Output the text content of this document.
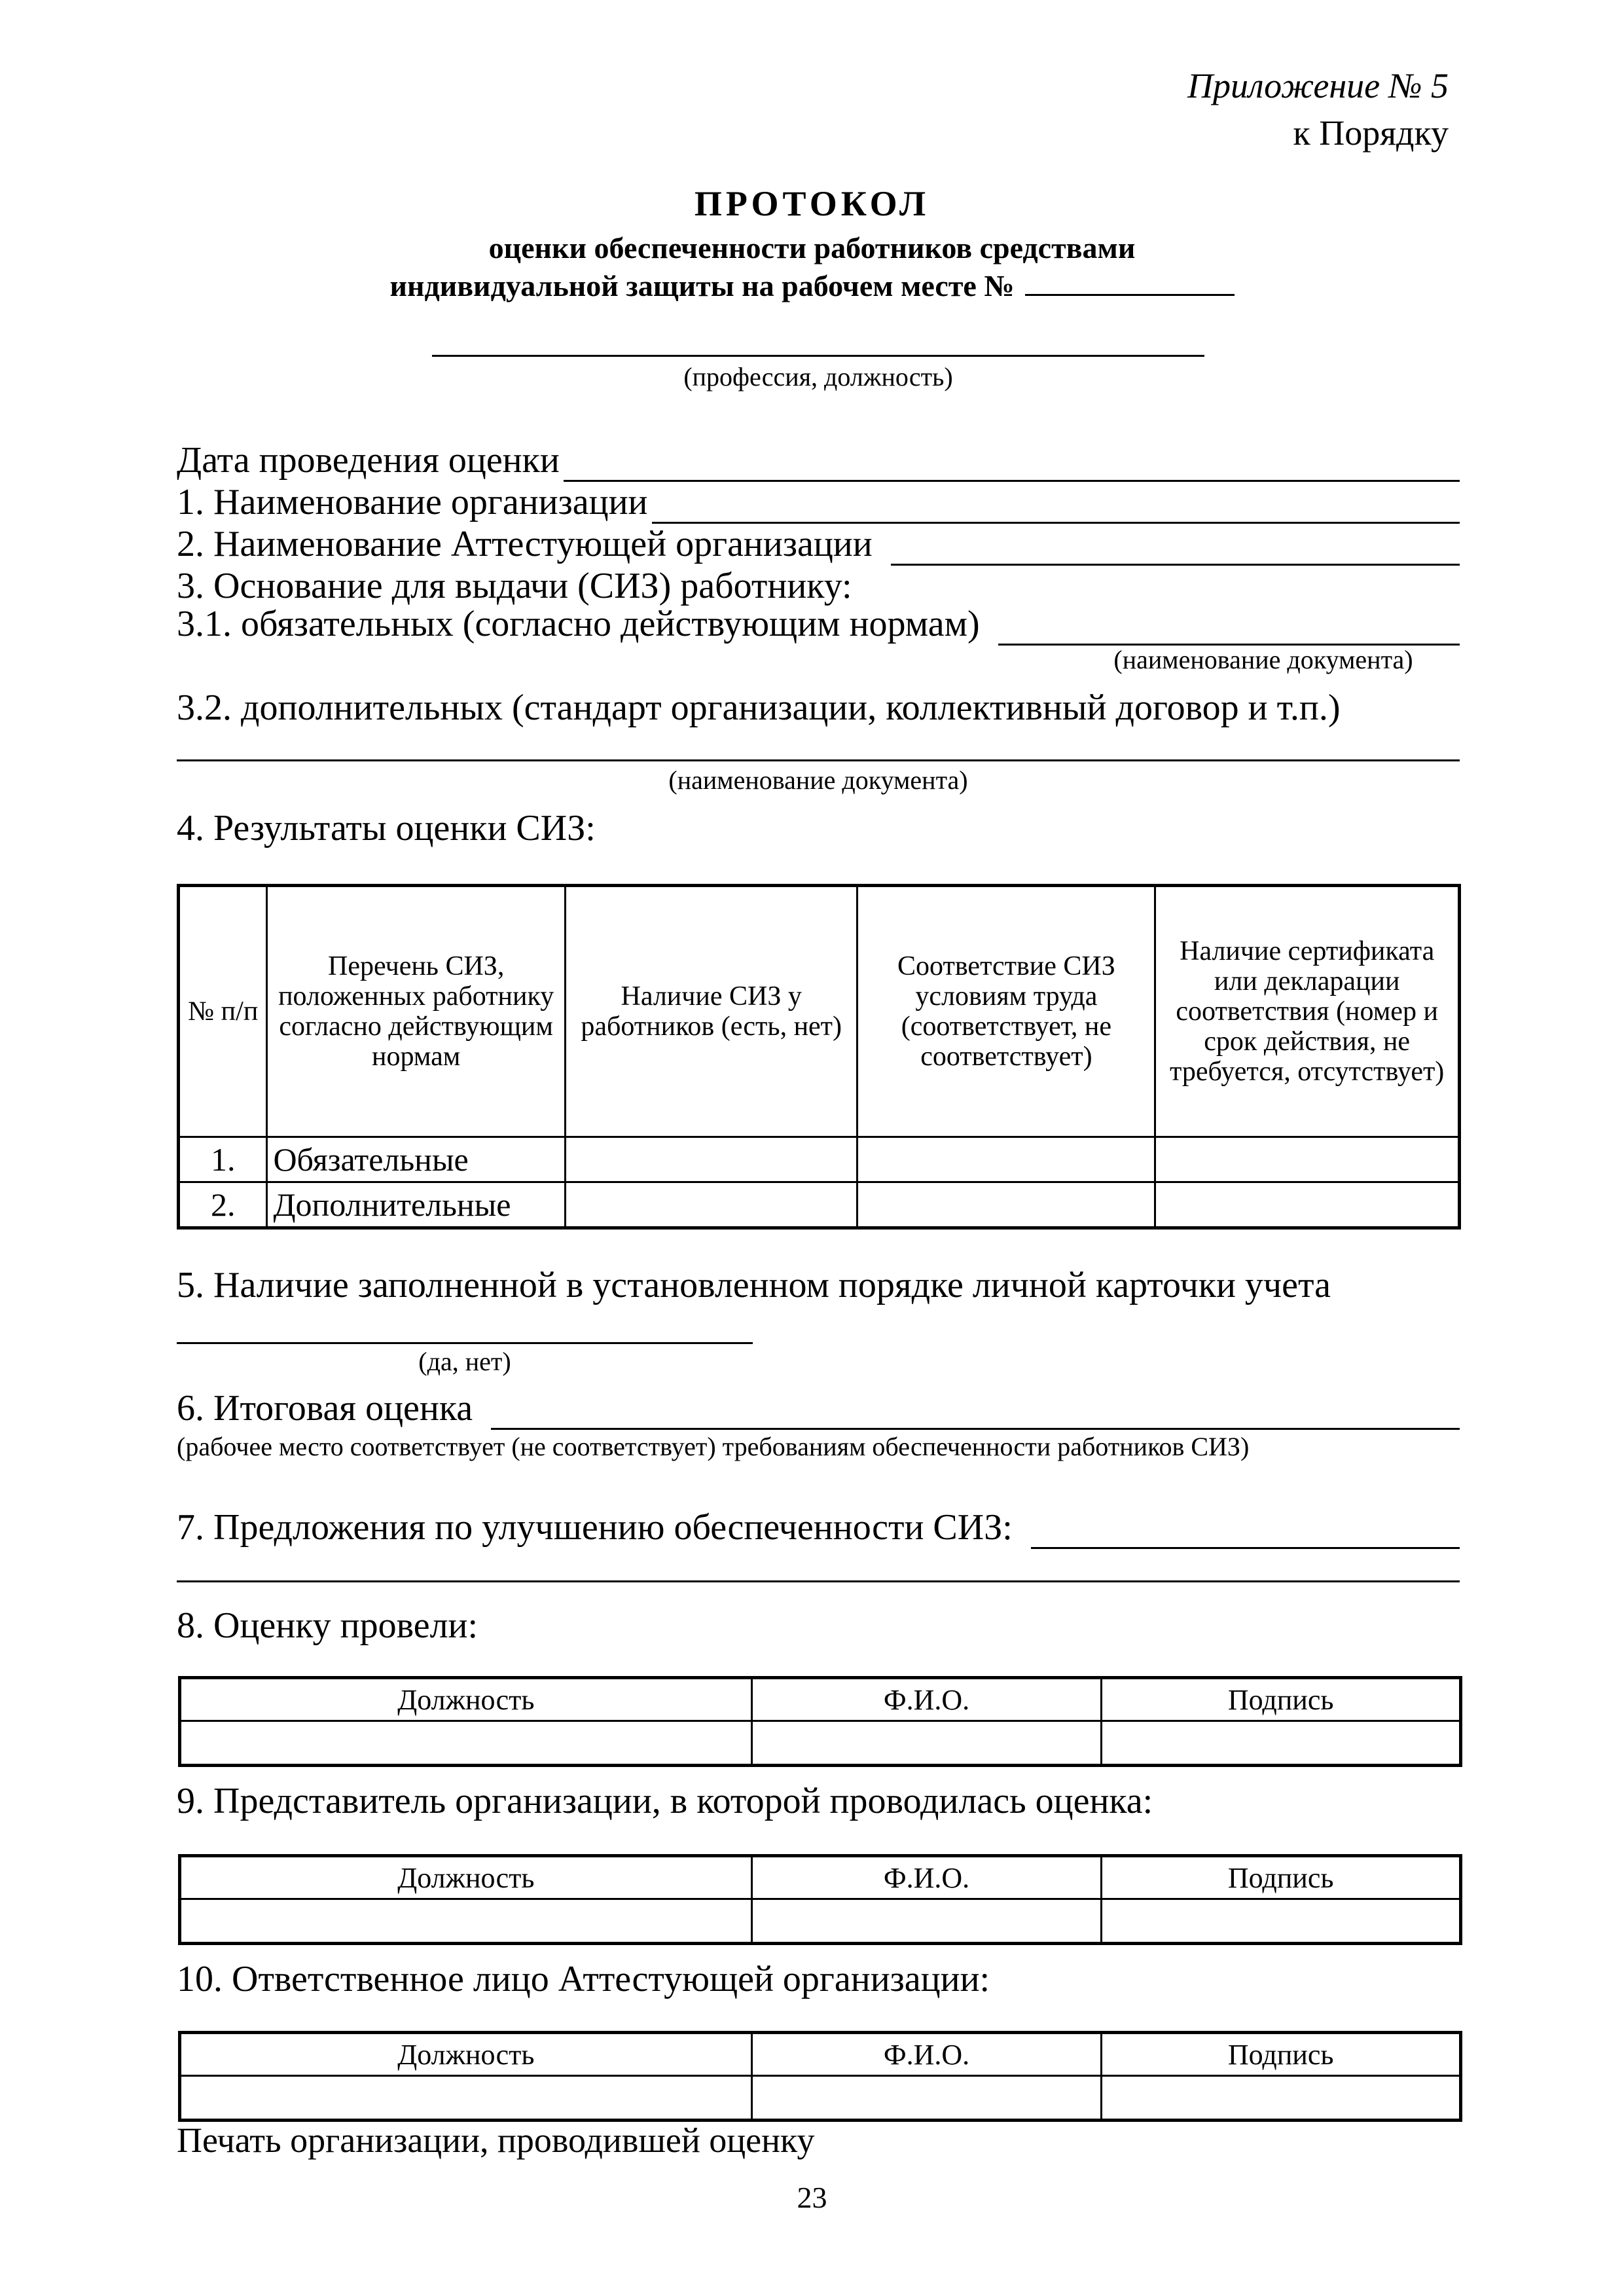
Приложение № 5
к Порядку
ПРОТОКОЛ
оценки обеспеченности работников средствами
индивидуальной защиты на рабочем месте №
(профессия, должность)
Дата проведения оценки
1. Наименование организации
2. Наименование Аттестующей организации
3. Основание для выдачи (СИЗ) работнику:
3.1. обязательных (согласно действующим нормам)
(наименование документа)
3.2. дополнительных (стандарт организации, коллективный договор и т.п.)
(наименование документа)
4. Результаты оценки СИЗ:
№ п/п	Перечень СИЗ, положенных работнику согласно действующим нормам	Наличие СИЗ у работников (есть, нет)	Соответствие СИЗ условиям труда (соответствует, не соответствует)	Наличие сертификата или декларации соответствия (номер и срок действия, не требуется, отсутствует)
1.	Обязательные			
2.	Дополнительные			
5. Наличие заполненной в установленном порядке личной карточки учета
(да, нет)
6. Итоговая оценка
(рабочее место соответствует (не соответствует) требованиям обеспеченности работников СИЗ)
7. Предложения по улучшению обеспеченности СИЗ:
8. Оценку провели:
Должность	Ф.И.О.	Подпись

9. Представитель организации, в которой проводилась оценка:
Должность	Ф.И.О.	Подпись

10. Ответственное лицо Аттестующей организации:
Должность	Ф.И.О.	Подпись

Печать организации, проводившей оценку
23
